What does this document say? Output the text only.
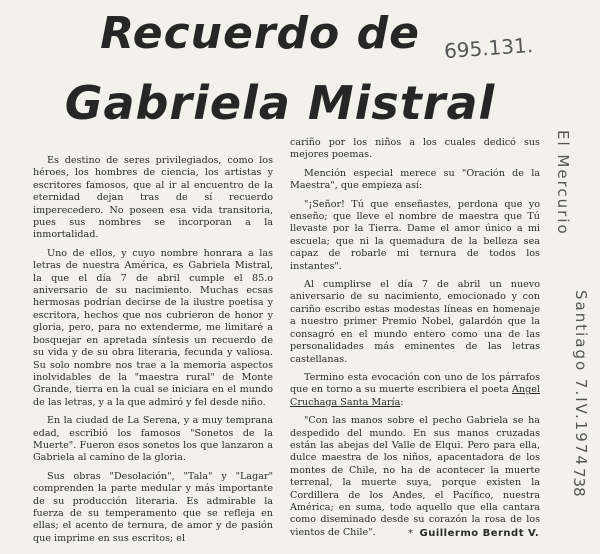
Recuerdo de
Gabriela Mistral
695.131.
El Mercurio
Santiago 7.IV.1974
738

Es destino de seres privilegiados, como los héroes, los hombres de ciencia, los artistas y escritores famosos, que al ir al encuentro de la eternidad dejan tras de sí recuerdo imperecedero. No poseen esa vida transitoria, pues sus nombres se incorporan a la inmortalidad.

Uno de ellos, y cuyo nombre honrara a las letras de nuestra América, es Gabriela Mistral, la que el día 7 de abril cumple el 85.o aniversario de su nacimiento. Muchas ecsas hermosas podrían decirse de la ilustre poetisa y escritora, hechos que nos cubrieron de honor y gloria, pero, para no extenderme, me limitaré a bosquejar en apretada síntesis un recuerdo de su vida y de su obra literaria, fecunda y valiosa. Su solo nombre nos trae a la memoria aspectos inolvidables de la "maestra rural" de Monte Grande, tierra en la cual se iniciara en el mundo de las letras, y a la que admiró y fel desde niño.

En la ciudad de La Serena, y a muy temprana edad, escribió los famosos "Sonetos de la Muerte". Fueron esos sonetos los que lanzaron a Gabriela al camino de la gloria.

Sus obras "Desolación", "Tala" y "Lagar" comprenden la parte medular y más importante de su producción literaria. Es admirable la fuerza de su temperamento que se refleja en ellas; el acento de ternura, de amor y de pasión que imprime en sus escritos; el

cariño por los niños a los cuales dedicó sus mejores poemas.

Mención especial merece su "Oración de la Maestra", que empieza así:

"¡Señor! Tú que enseñastes, perdona que yo enseño; que lleve el nombre de maestra que Tú llevaste por la Tierra. Dame el amor único a mi escuela; que ni la quemadura de la belleza sea capaz de robarle mi ternura de todos los instantes".

Al cumplirse el día 7 de abril un nuevo aniversario de su nacimiento, emocionado y con cariño escribo estas modestas líneas en homenaje a nuestro primer Premio Nobel, galardón que la consagró en el mundo entero como una de las personalidades más eminentes de las letras castellanas.

Termino esta evocación con uno de los párrafos que en torno a su muerte escribiera el poeta Angel Cruchaga Santa María:

"Con las manos sobre el pecho Gabriela se ha despedido del mundo. En sus manos cruzadas están las abejas del Valle de Elqui. Pero para ella, dulce maestra de los niños, apacentadora de los montes de Chile, no ha de acontecer la muerte terrenal, la muerte suya, porque existen la Cordillera de los Andes, el Pacífico, nuestra América; en suma, todo aquello que ella cantara como diseminado desde su corazón la rosa de los vientos de Chile".	* Guillermo Berndt V.
